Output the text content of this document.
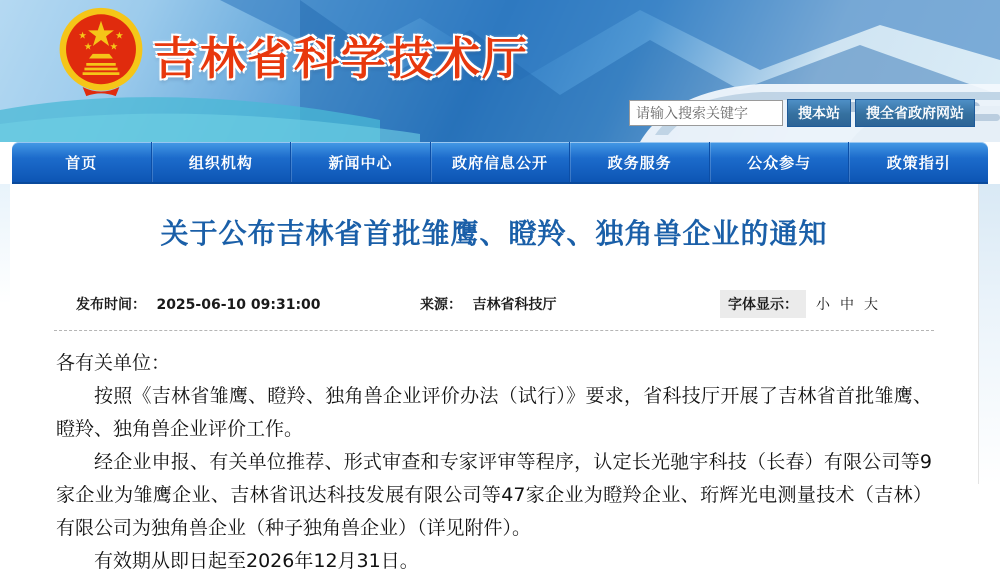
吉林省科学技术厅
请输入搜索关键字
搜本站	搜全省政府网站
首页	组织机构	新闻中心	政府信息公开	政务服务	公众参与	政策指引
关于公布吉林省首批雏鹰、瞪羚、独角兽企业的通知
发布时间： 2025-06-10 09:31:00	来源： 吉林省科技厅	字体显示：	小 中 大

各有关单位：

按照《吉林省雏鹰、瞪羚、独角兽企业评价办法（试行）》要求，省科技厅开展了吉林省首批雏鹰、瞪羚、独角兽企业评价工作。

经企业申报、有关单位推荐、形式审查和专家评审等程序，认定长光驰宇科技（长春）有限公司等9家企业为雏鹰企业、吉林省讯达科技发展有限公司等47家企业为瞪羚企业、珩辉光电测量技术（吉林）有限公司为独角兽企业（种子独角兽企业）（详见附件）。

有效期从即日起至2026年12月31日。
